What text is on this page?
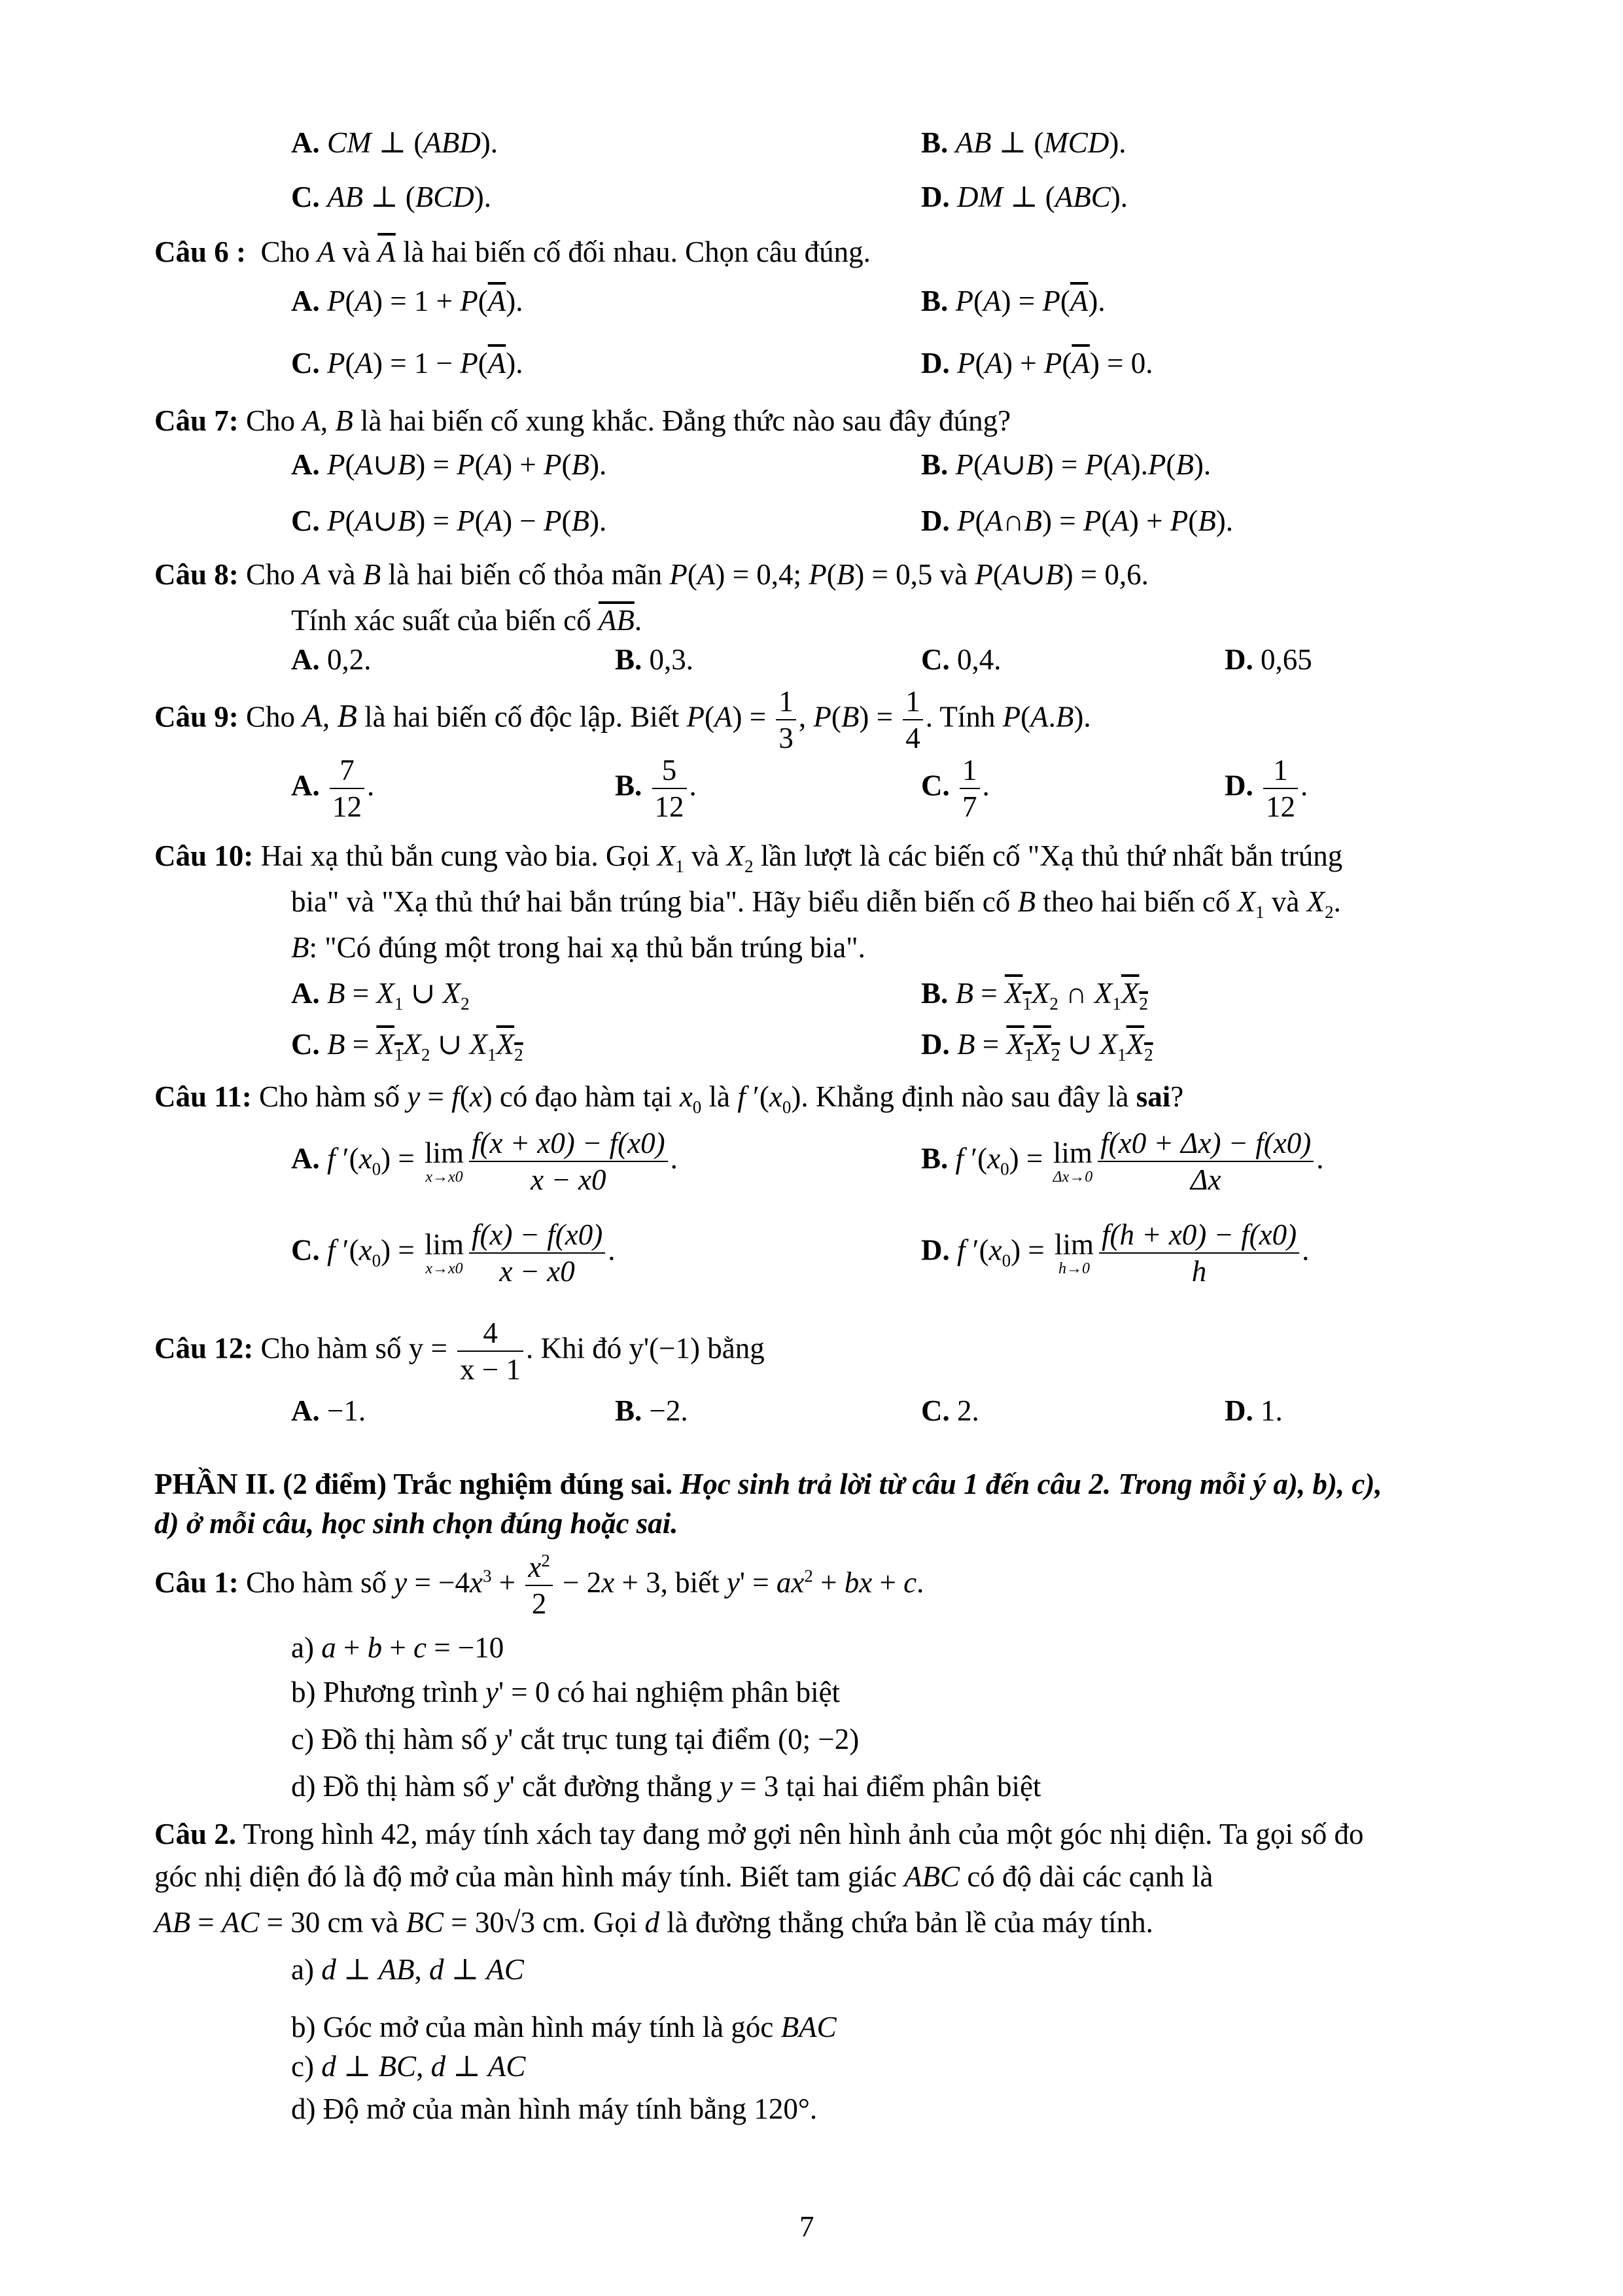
A. CM ⊥ (ABD).	B. AB ⊥ (MCD).
C. AB ⊥ (BCD).	D. DM ⊥ (ABC).
Câu 6 :  Cho A và $\overline{A}$ là hai biến cố đối nhau. Chọn câu đúng.
A. $P(A) = 1 + P(\overline{A})$.	B. $P(A) = P(\overline{A})$.
C. $P(A) = 1 - P(\overline{A})$.	D. $P(A) + P(\overline{A}) = 0$.
Câu 7: Cho A, B là hai biến cố xung khắc. Đẳng thức nào sau đây đúng?
A. P(A∪B) = P(A) + P(B).	B. P(A∪B) = P(A).P(B).
C. P(A∪B) = P(A) − P(B).	D. P(A∩B) = P(A) + P(B).
Câu 8: Cho A và B là hai biến cố thỏa mãn P(A) = 0,4; P(B) = 0,5 và P(A∪B) = 0,6.
Tính xác suất của biến cố $\overline{AB}$.
A. 0,2.	B. 0,3.	C. 0,4.	D. 0,65
Câu 9: Cho A, B là hai biến cố độc lập. Biết $P(A) = \frac{1}{3}$ , $P(B) = \frac{1}{4}$ . Tính P(A.B).
A. $\frac{7}{12}$ .	B. $\frac{5}{12}$ .	C. $\frac{1}{7}$ .	D. $\frac{1}{12}$ .
Câu 10: Hai xạ thủ bắn cung vào bia. Gọi $X_1$ và $X_2$ lần lượt là các biến cố "Xạ thủ thứ nhất bắn trúng
bia" và "Xạ thủ thứ hai bắn trúng bia". Hãy biểu diễn biến cố B theo hai biến cố $X_1$ và $X_2$.
B: "Có đúng một trong hai xạ thủ bắn trúng bia".
A. $B = X_1$ ∪ $X_2$	B. $B = X_1X_2$ ∩ $X_1X_2$
C. $B = X_1X_2$ ∪ $X_1X_2$	D. $B = X_1X_2$ ∪ $X_1X_2$
Câu 11: Cho hàm số y = f(x) có đạo hàm tại $x_0$ là f $'(x_0)$. Khẳng định nào sau đây là sai?
A. f $'(x_0) = \lim$
$x\to x0 \frac{f(x + x0) - f(x0)}{x - x0}$ .	B. f $'(x_0) = \lim$
$\Delta x\to 0 \frac{f(x0 + \Delta x) - f(x0)}{\Delta x}$ .
C. f $'(x_0) = \lim$
$x\to x0 \frac{f(x) - f(x0)}{x - x0}$ .	D. f $'(x_0) = \lim$
$h\to 0 \frac{f(h + x0) - f(x0)}{h}$ .
Câu 12: Cho hàm số $y = \frac{4}{x - 1}$ . Khi đó y'(−1) bằng
A. −1.	B. −2.	C. 2.	D. 1.
PHẦN II. (2 điểm) Trắc nghiệm đúng sai. Học sinh trả lời từ câu 1 đến câu 2. Trong mỗi ý a), b), c),
d) ở mỗi câu, học sinh chọn đúng hoặc sai.
Câu 1: Cho hàm số $y = -4x^3 + \frac{x^2}{2} - 2x + 3$, biết $y' = ax^2$ + bx + c.
a) a + b + c = −10
b) Phương trình y' = 0 có hai nghiệm phân biệt
c) Đồ thị hàm số y' cắt trục tung tại điểm (0; −2)
d) Đồ thị hàm số y' cắt đường thẳng y = 3 tại hai điểm phân biệt
Câu 2. Trong hình 42, máy tính xách tay đang mở gợi nên hình ảnh của một góc nhị diện. Ta gọi số đo
góc nhị diện đó là độ mở của màn hình máy tính. Biết tam giác ABC có độ dài các cạnh là
AB = AC = 30 cm và BC = 30√3 cm. Gọi d là đường thẳng chứa bản lề của máy tính.
a) d ⊥ AB, d ⊥ AC
b) Góc mở của màn hình máy tính là góc BAC
c) d ⊥ BC, d ⊥ AC
d) Độ mở của màn hình máy tính bằng 120°.
7
